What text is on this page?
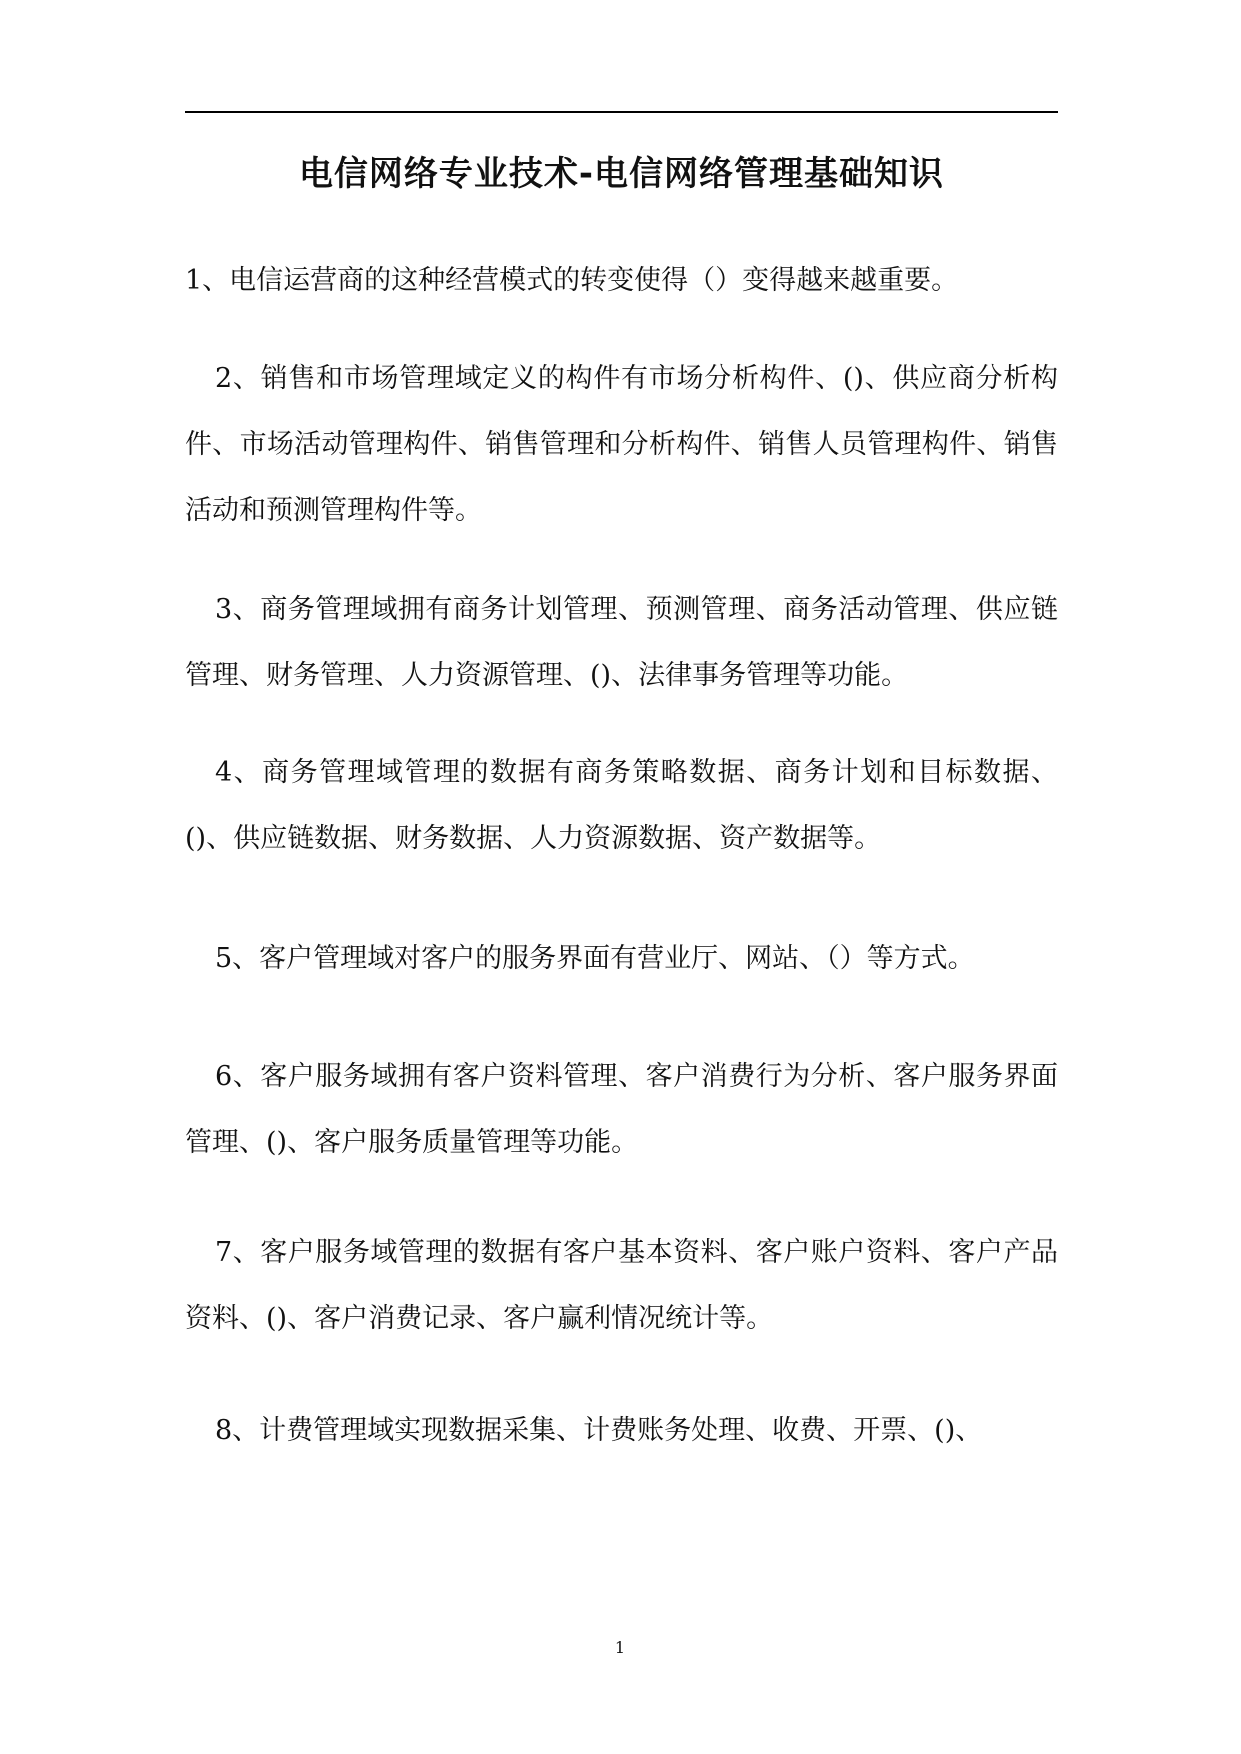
电信网络专业技术-电信网络管理基础知识

1、电信运营商的这种经营模式的转变使得（）变得越来越重要。

2、销售和市场管理域定义的构件有市场分析构件、()、供应商分析构件、市场活动管理构件、销售管理和分析构件、销售人员管理构件、销售活动和预测管理构件等。

3、商务管理域拥有商务计划管理、预测管理、商务活动管理、供应链管理、财务管理、人力资源管理、()、法律事务管理等功能。

4、商务管理域管理的数据有商务策略数据、商务计划和目标数据、()、供应链数据、财务数据、人力资源数据、资产数据等。

5、客户管理域对客户的服务界面有营业厅、网站、（）等方式。

6、客户服务域拥有客户资料管理、客户消费行为分析、客户服务界面管理、()、客户服务质量管理等功能。

7、客户服务域管理的数据有客户基本资料、客户账户资料、客户产品资料、()、客户消费记录、客户赢利情况统计等。

8、计费管理域实现数据采集、计费账务处理、收费、开票、()、

1
